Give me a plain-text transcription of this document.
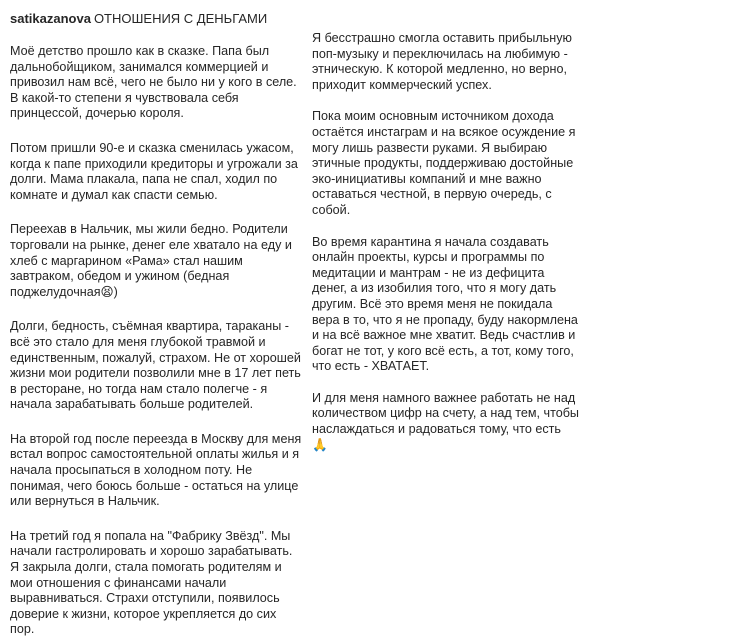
satikazanova ОТНОШЕНИЯ С ДЕНЬГАМИ

Моё детство прошло как в сказке. Папа был дальнобойщиком, занимался коммерцией и привозил нам всё, чего не было ни у кого в селе. В какой-то степени я чувствовала себя принцессой, дочерью короля.

Потом пришли 90-е и сказка сменилась ужасом, когда к папе приходили кредиторы и угрожали за долги. Мама плакала, папа не спал, ходил по комнате и думал как спасти семью.

Переехав в Нальчик, мы жили бедно. Родители торговали на рынке, денег еле хватало на еду и хлеб с маргарином «Рама» стал нашим завтраком, обедом и ужином (бедная поджелудочная😫)

Долги, бедность, съёмная квартира, тараканы - всё это стало для меня глубокой травмой и единственным, пожалуй, страхом. Не от хорошей жизни мои родители позволили мне в 17 лет петь в ресторане, но тогда нам стало полегче - я начала зарабатывать больше родителей.

На второй год после переезда в Москву для меня встал вопрос самостоятельной оплаты жилья и я начала просыпаться в холодном поту. Не понимая, чего боюсь больше - остаться на улице или вернуться в Нальчик.

На третий год я попала на "Фабрику Звёзд". Мы начали гастролировать и хорошо зарабатывать. Я закрыла долги, стала помогать родителям и мои отношения с финансами начали выравниваться. Страхи отступили, появилось доверие к жизни, которое укрепляется до сих пор.

Я бесстрашно смогла оставить прибыльную поп-музыку и переключилась на любимую - этническую. К которой медленно, но верно, приходит коммерческий успех.

Пока моим основным источником дохода остаётся инстаграм и на всякое осуждение я могу лишь развести руками. Я выбираю этичные продукты, поддерживаю достойные эко-инициативы компаний и мне важно оставаться честной, в первую очередь, с собой.

Во время карантина я начала создавать онлайн проекты, курсы и программы по медитации и мантрам - не из дефицита денег, а из изобилия того, что я могу дать другим. Всё это время меня не покидала вера в то, что я не пропаду, буду накормлена и на всё важное мне хватит. Ведь счастлив и богат не тот, у кого всё есть, а тот, кому того, что есть - ХВАТАЕТ.

И для меня намного важнее работать не над количеством цифр на счету, а над тем, чтобы наслаждаться и радоваться тому, что есть 🙏
